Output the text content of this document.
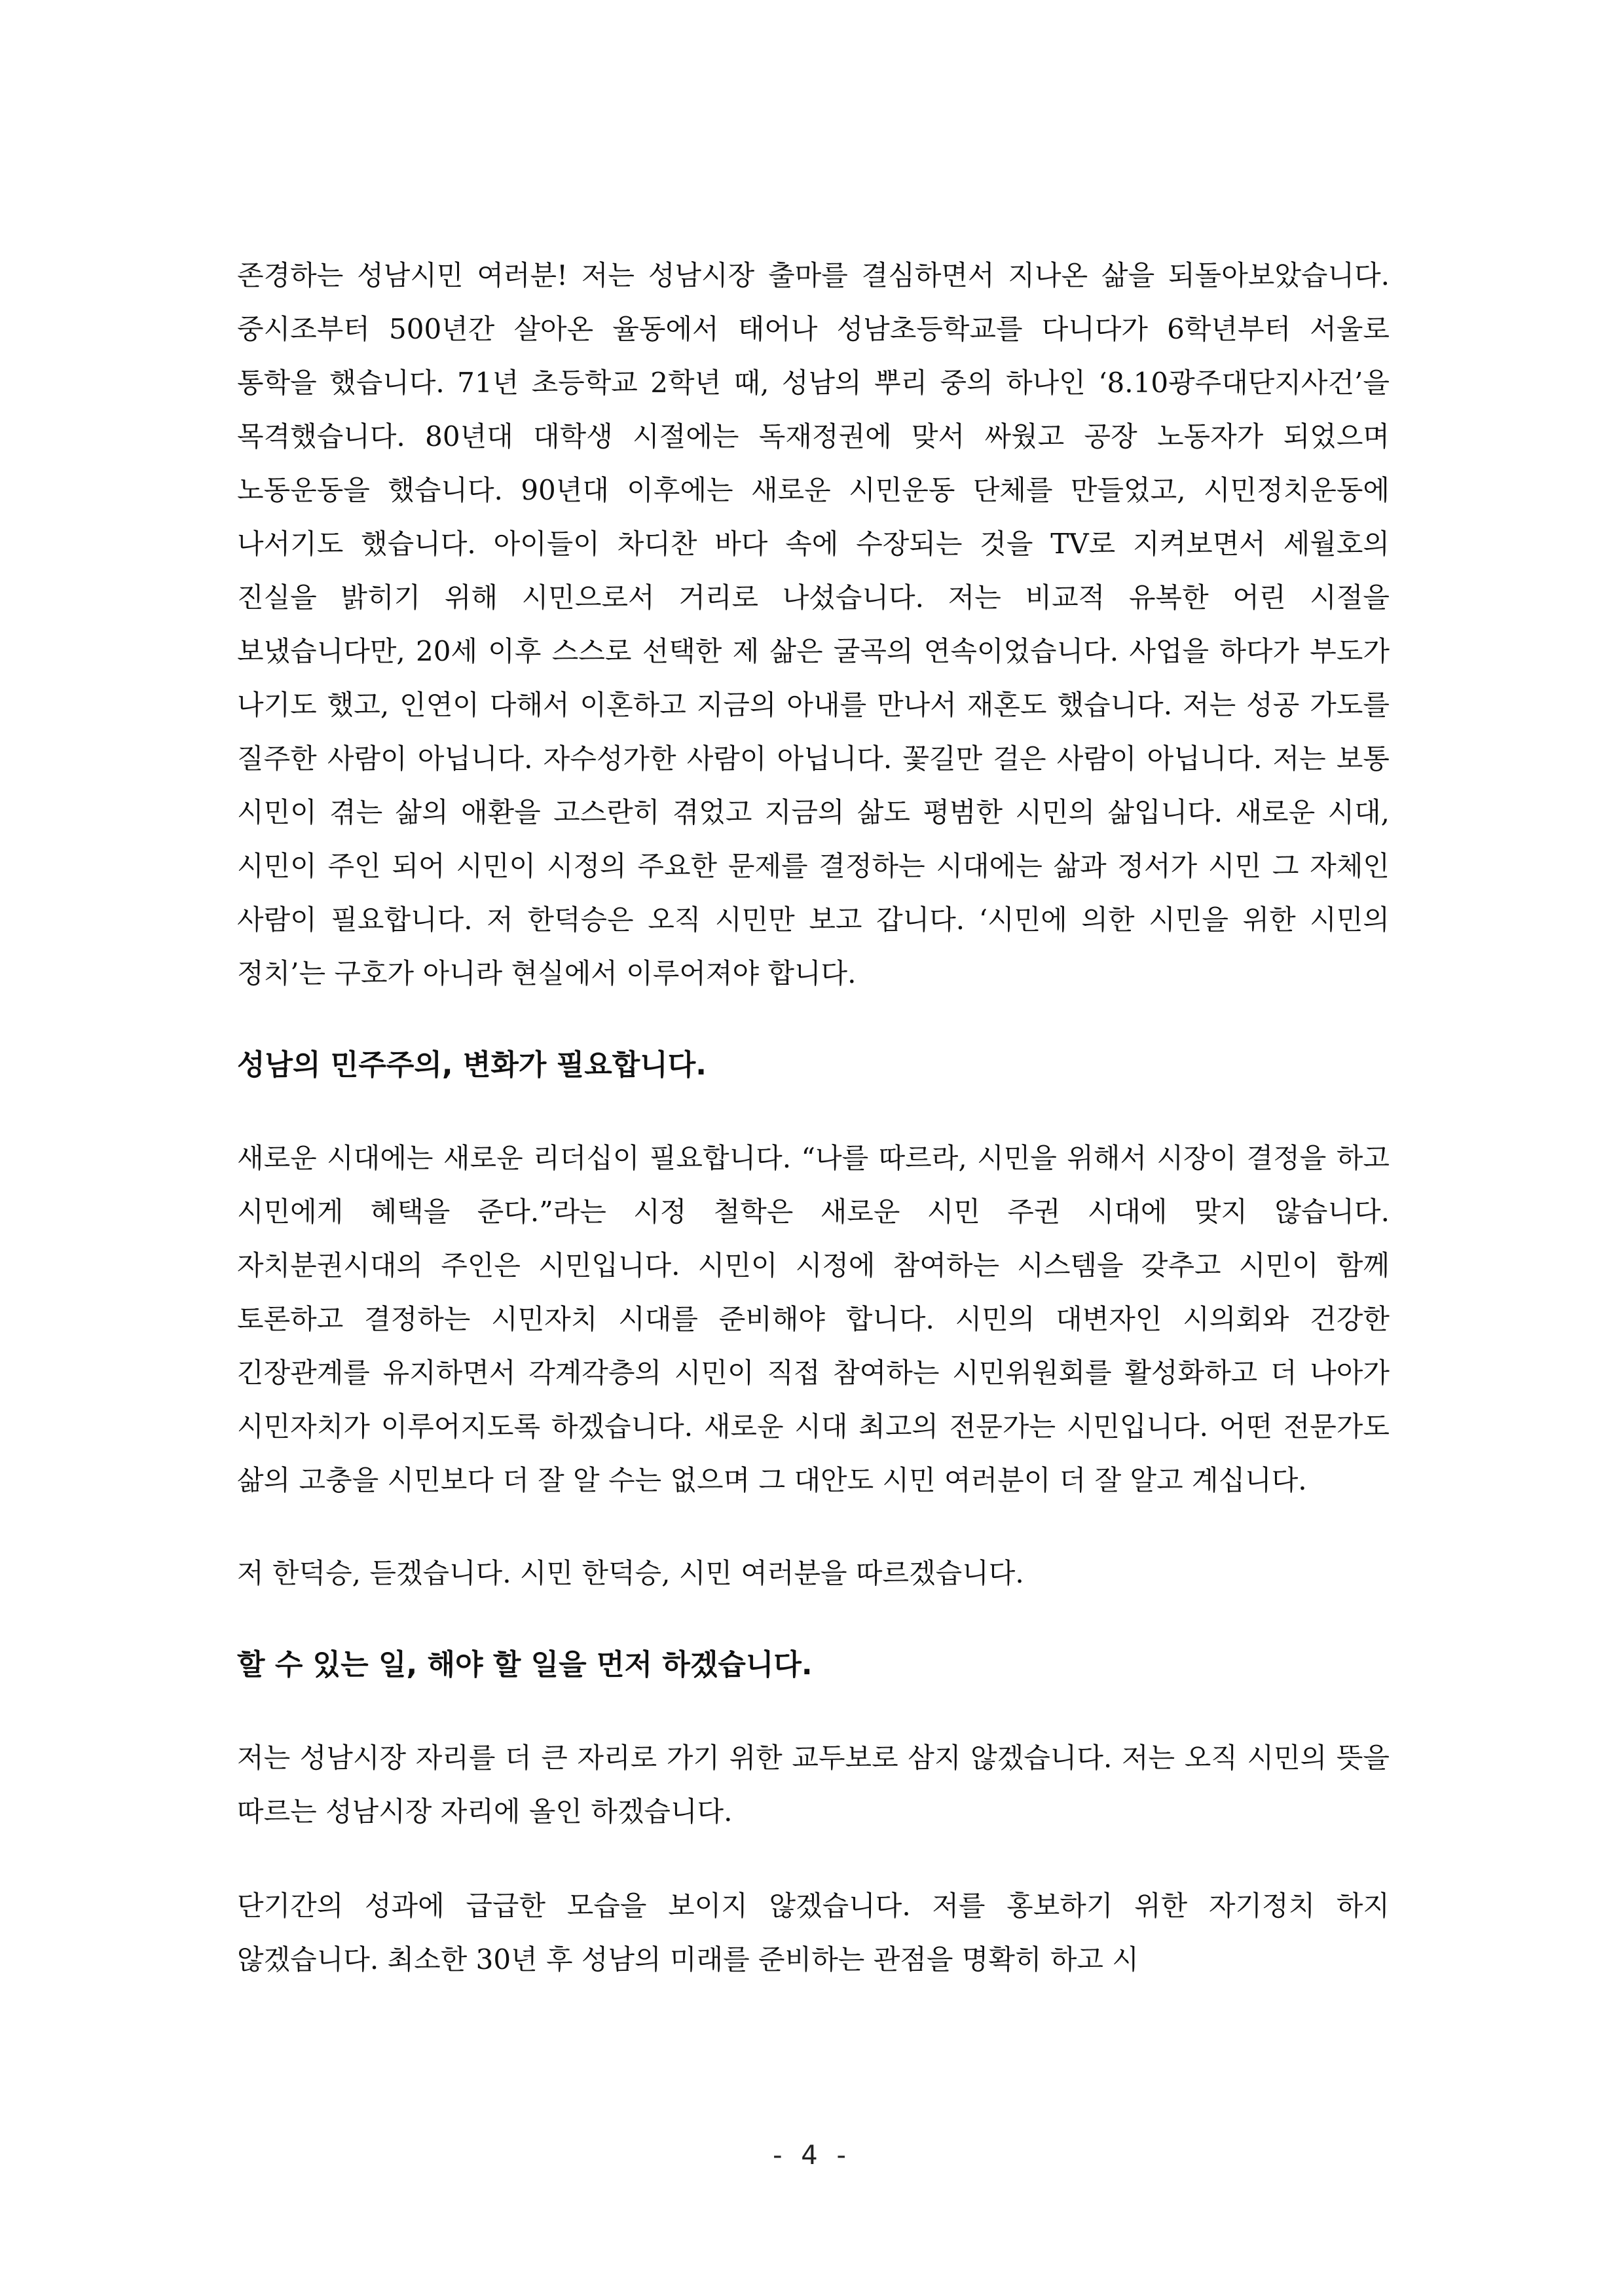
존경하는 성남시민 여러분! 저는 성남시장 출마를 결심하면서 지나온 삶을 되돌아보았습니다. 중시조부터 500년간 살아온 율동에서 태어나 성남초등학교를 다니다가 6학년부터 서울로 통학을 했습니다. 71년 초등학교 2학년 때, 성남의 뿌리 중의 하나인 ‘8.10광주대단지사건’을 목격했습니다. 80년대 대학생 시절에는 독재정권에 맞서 싸웠고 공장 노동자가 되었으며 노동운동을 했습니다. 90년대 이후에는 새로운 시민운동 단체를 만들었고, 시민정치운동에 나서기도 했습니다. 아이들이 차디찬 바다 속에 수장되는 것을 TV로 지켜보면서 세월호의 진실을 밝히기 위해 시민으로서 거리로 나섰습니다. 저는 비교적 유복한 어린 시절을 보냈습니다만, 20세 이후 스스로 선택한 제 삶은 굴곡의 연속이었습니다. 사업을 하다가 부도가 나기도 했고, 인연이 다해서 이혼하고 지금의 아내를 만나서 재혼도 했습니다. 저는 성공 가도를 질주한 사람이 아닙니다. 자수성가한 사람이 아닙니다. 꽃길만 걸은 사람이 아닙니다. 저는 보통 시민이 겪는 삶의 애환을 고스란히 겪었고 지금의 삶도 평범한 시민의 삶입니다. 새로운 시대, 시민이 주인 되어 시민이 시정의 주요한 문제를 결정하는 시대에는 삶과 정서가 시민 그 자체인 사람이 필요합니다. 저 한덕승은 오직 시민만 보고 갑니다. ‘시민에 의한 시민을 위한 시민의 정치’는 구호가 아니라 현실에서 이루어져야 합니다.

성남의 민주주의, 변화가 필요합니다.

새로운 시대에는 새로운 리더십이 필요합니다. “나를 따르라, 시민을 위해서 시장이 결정을 하고 시민에게 혜택을 준다.”라는 시정 철학은 새로운 시민 주권 시대에 맞지 않습니다. 자치분권시대의 주인은 시민입니다. 시민이 시정에 참여하는 시스템을 갖추고 시민이 함께 토론하고 결정하는 시민자치 시대를 준비해야 합니다. 시민의 대변자인 시의회와 건강한 긴장관계를 유지하면서 각계각층의 시민이 직접 참여하는 시민위원회를 활성화하고 더 나아가 시민자치가 이루어지도록 하겠습니다. 새로운 시대 최고의 전문가는 시민입니다. 어떤 전문가도 삶의 고충을 시민보다 더 잘 알 수는 없으며 그 대안도 시민 여러분이 더 잘 알고 계십니다.

저 한덕승, 듣겠습니다. 시민 한덕승, 시민 여러분을 따르겠습니다.

할 수 있는 일, 해야 할 일을 먼저 하겠습니다.

저는 성남시장 자리를 더 큰 자리로 가기 위한 교두보로 삼지 않겠습니다. 저는 오직 시민의 뜻을 따르는 성남시장 자리에 올인 하겠습니다.

단기간의 성과에 급급한 모습을 보이지 않겠습니다. 저를 홍보하기 위한 자기정치 하지 않겠습니다. 최소한 30년 후 성남의 미래를 준비하는 관점을 명확히 하고 시

- 4 -
